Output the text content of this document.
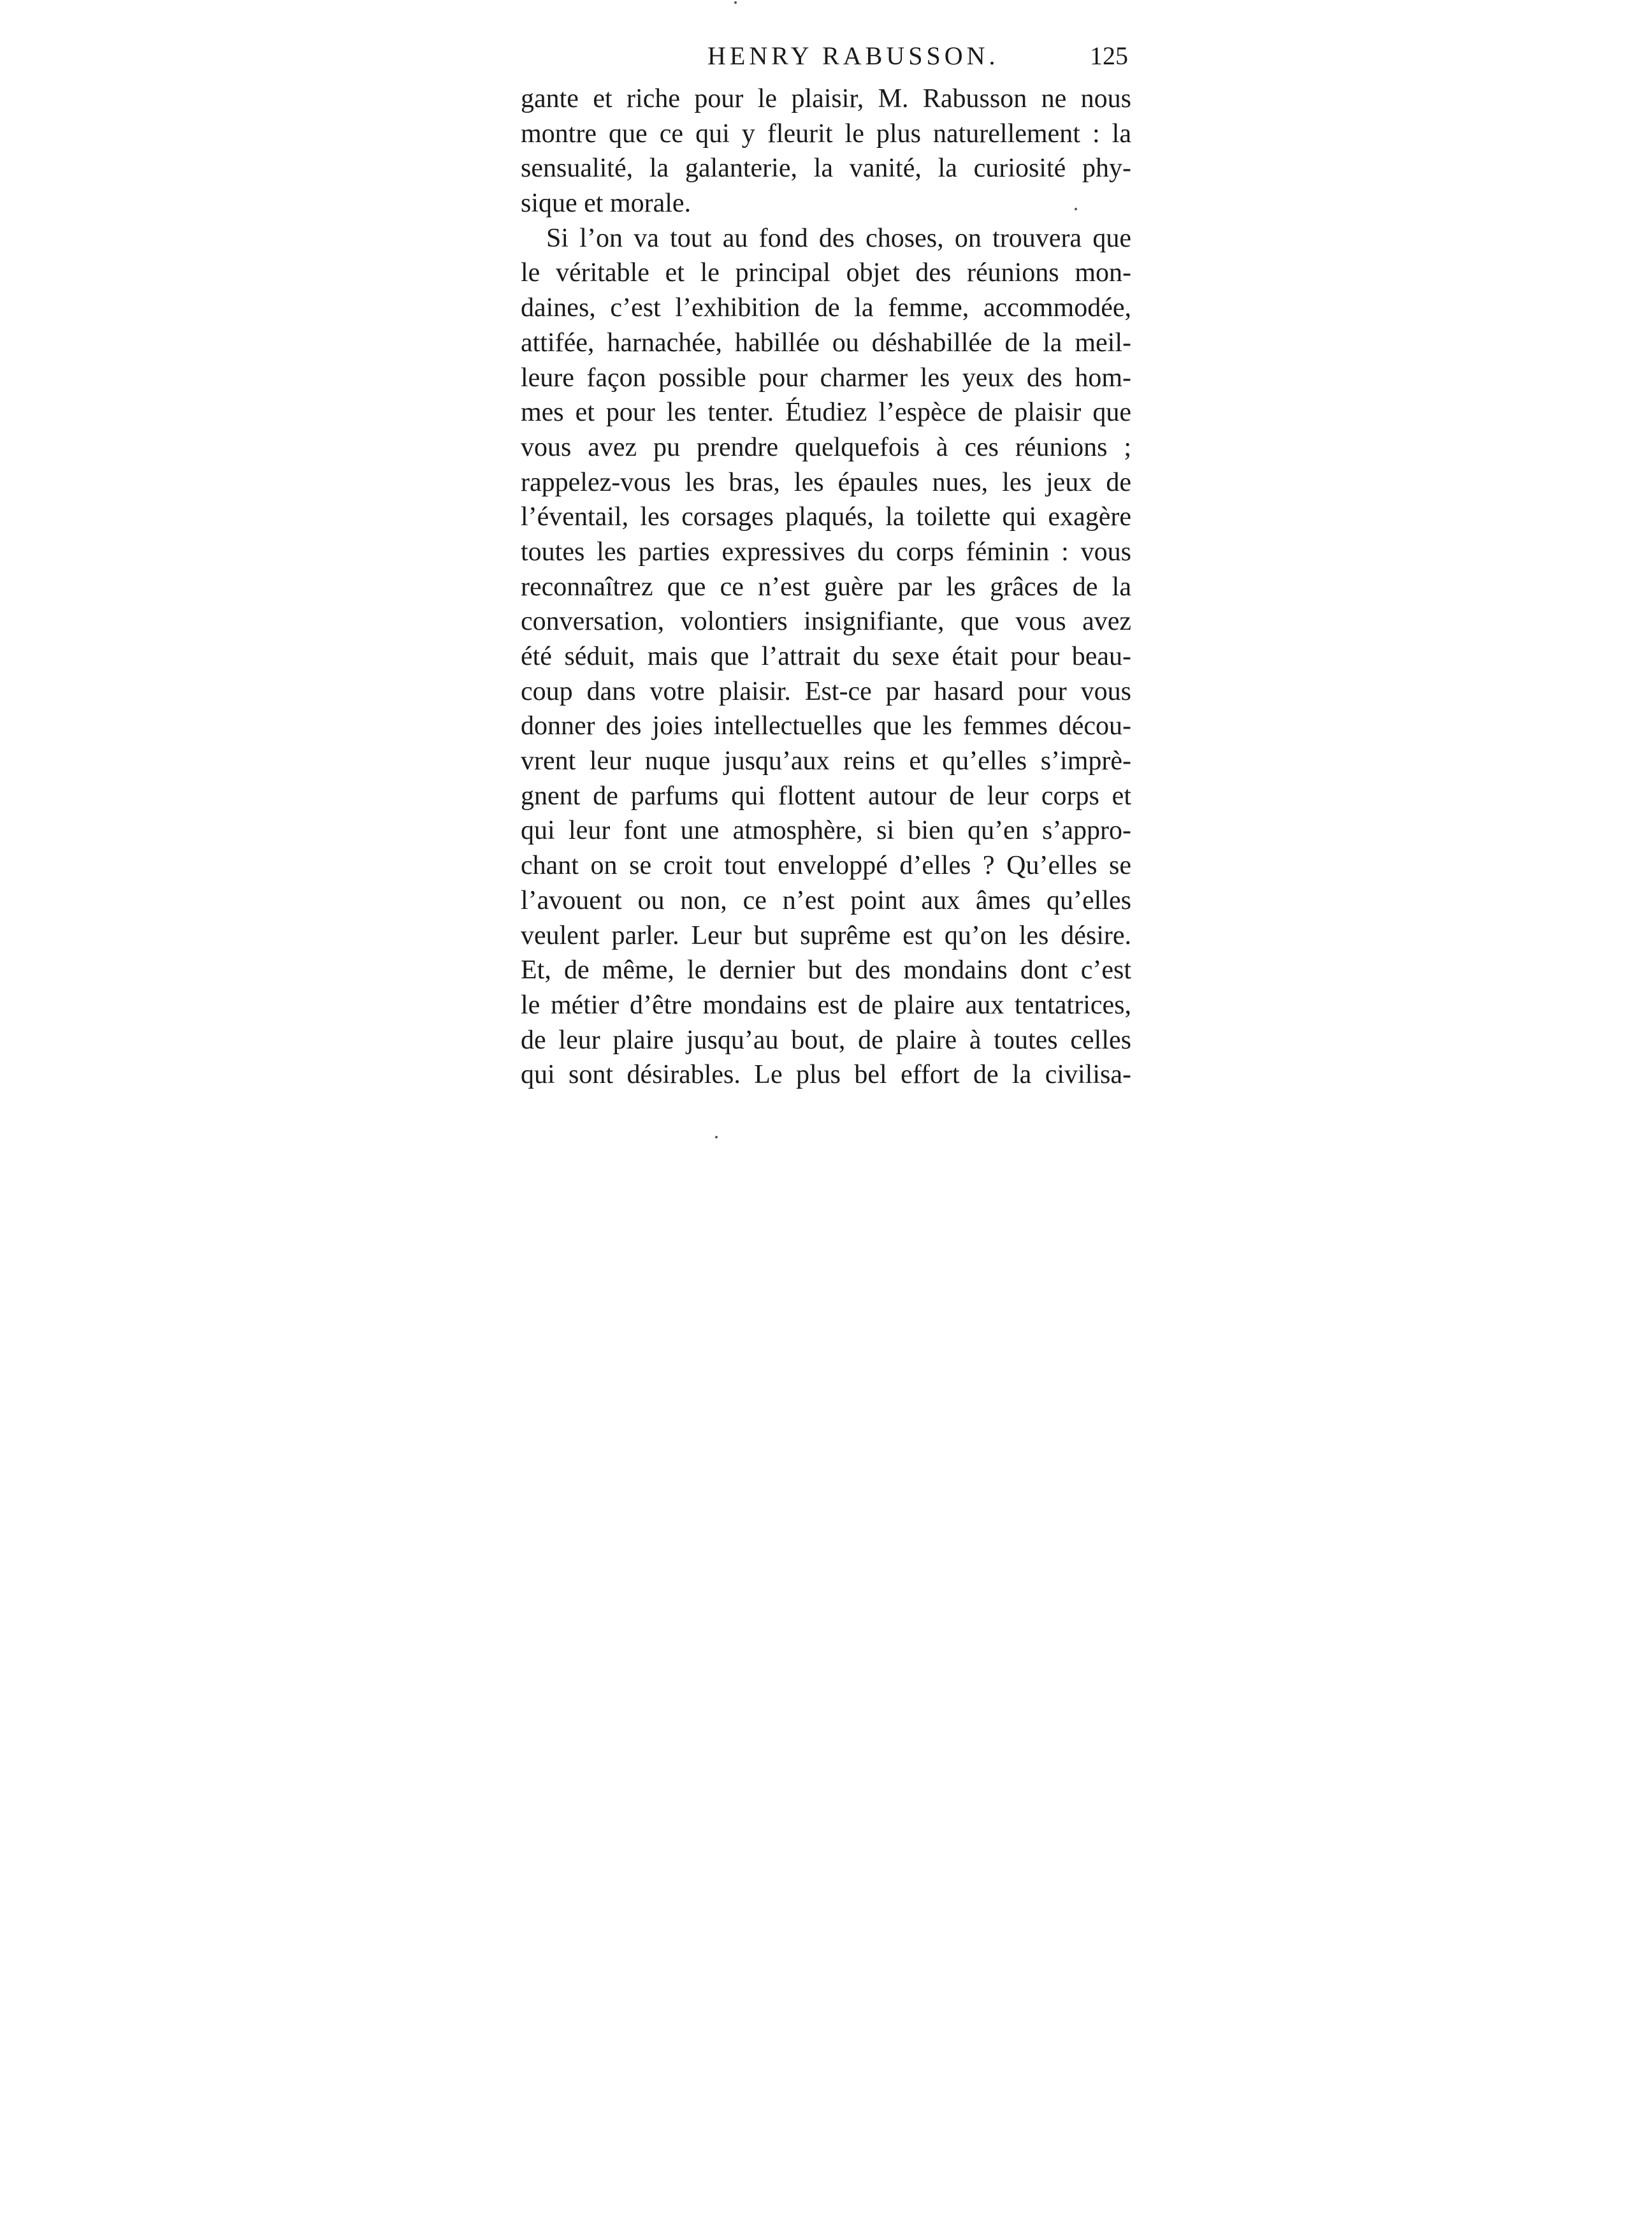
HENRY RABUSSON.	125
gante et riche pour le plaisir, M. Rabusson ne nous
montre que ce qui y fleurit le plus naturellement : la
sensualité, la galanterie, la vanité, la curiosité phy-
sique et morale.
Si l’on va tout au fond des choses, on trouvera que
le véritable et le principal objet des réunions mon-
daines, c’est l’exhibition de la femme, accommodée,
attifée, harnachée, habillée ou déshabillée de la meil-
leure façon possible pour charmer les yeux des hom-
mes et pour les tenter. Étudiez l’espèce de plaisir que
vous avez pu prendre quelquefois à ces réunions ;
rappelez-vous les bras, les épaules nues, les jeux de
l’éventail, les corsages plaqués, la toilette qui exagère
toutes les parties expressives du corps féminin : vous
reconnaîtrez que ce n’est guère par les grâces de la
conversation, volontiers insignifiante, que vous avez
été séduit, mais que l’attrait du sexe était pour beau-
coup dans votre plaisir. Est-ce par hasard pour vous
donner des joies intellectuelles que les femmes décou-
vrent leur nuque jusqu’aux reins et qu’elles s’imprè-
gnent de parfums qui flottent autour de leur corps et
qui leur font une atmosphère, si bien qu’en s’appro-
chant on se croit tout enveloppé d’elles ? Qu’elles se
l’avouent ou non, ce n’est point aux âmes qu’elles
veulent parler. Leur but suprême est qu’on les désire.
Et, de même, le dernier but des mondains dont c’est
le métier d’être mondains est de plaire aux tentatrices,
de leur plaire jusqu’au bout, de plaire à toutes celles
qui sont désirables. Le plus bel effort de la civilisa-
